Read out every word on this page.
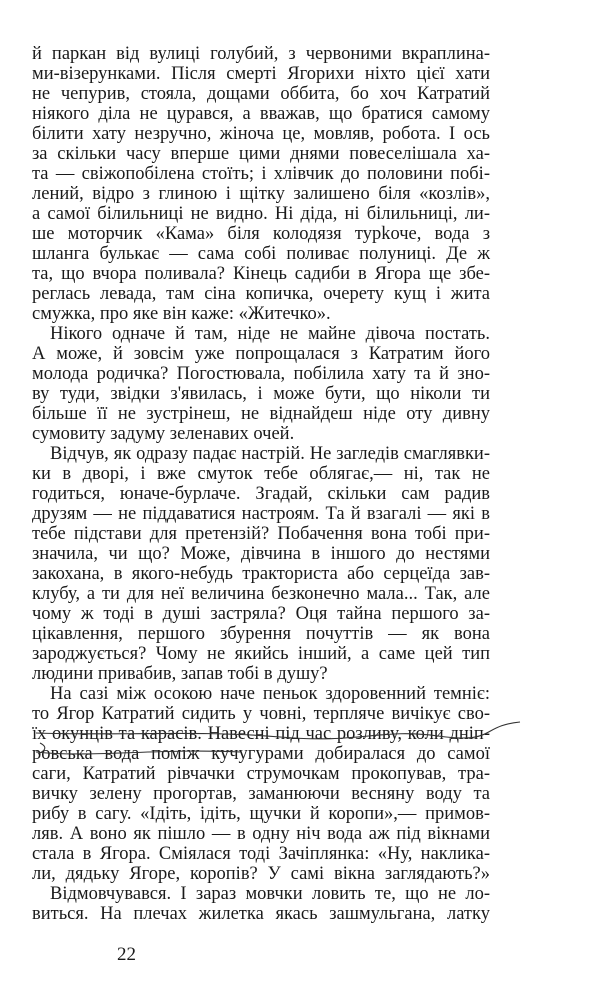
й паркан від вулиці голубий, з червоними вкраплина-
ми-візерунками. Після смерті Ягорихи ніхто цієї хати
не чепурив, стояла, дощами оббита, бо хоч Катратий
ніякого діла не цурався, а вважав, що братися самому
білити хату незручно, жіноча це, мовляв, робота. І ось
за скільки часу вперше цими днями повеселішала ха-
та — свіжопобілена стоїть; і хлівчик до половини побі-
лений, відро з глиною і щітку залишено біля «козлів»,
а самої білильниці не видно. Ні діда, ні білильниці, ли-
ше моторчик «Кама» біля колодязя турkоче, вода з
шланга булькає — сама собі поливає полуниці. Де ж
та, що вчора поливала? Кінець садиби в Ягора ще збе-
реглась левада, там сіна копичка, очерету кущ і жита
смужка, про яке він каже: «Житечко».
Нікого одначе й там, ніде не майне дівоча постать.
А може, й зовсім уже попрощалася з Катратим його
молода родичка? Погостювала, побілила хату та й зно-
ву туди, звідки з'явилась, і може бути, що ніколи ти
більше її не зустрінеш, не віднайдеш ніде оту дивну
сумовиту задуму зеленавих очей.
Відчув, як одразу падає настрій. Не загледів смаглявки-
ки в дворі, і вже смуток тебе облягає,— ні, так не
годиться, юначе-бурлаче. Згадай, скільки сам радив
друзям — не піддаватися настроям. Та й взагалі — які в
тебе підстави для претензій? Побачення вона тобі при-
значила, чи що? Може, дівчина в іншого до нестями
закохана, в якого-небудь тракториста або серцеїда зав-
клубу, а ти для неї величина безконечно мала... Так, але
чому ж тоді в душі застряла? Оця тайна першого за-
цікавлення, першого збурення почуттів — як вона
зароджується? Чому не якийсь інший, а саме цей тип
людини привабив, запав тобі в душу?
На сазі між осокою наче пеньок здоровенний темніє:
то Ягор Катратий сидить у човні, терпляче вичікує сво-
їх окунців та карасів. Навесні під час розливу, коли дніп-
ровська вода поміж кучугурами добиралася до самої
саги, Катратий рівчачки струмочкам прокопував, тра-
вичку зелену прогортав, заманюючи весняну воду та
рибу в сагу. «Ідіть, ідіть, щучки й коропи»,— примов-
ляв. А воно як пішло — в одну ніч вода аж під вікнами
стала в Ягора. Сміялася тоді Зачіплянка: «Ну, наклика-
ли, дядьку Ягоре, коропів? У самі вікна заглядають?»
Відмовчувався. І зараз мовчки ловить те, що не ло-
виться. На плечах жилетка якась зашмульгана, латку
22
